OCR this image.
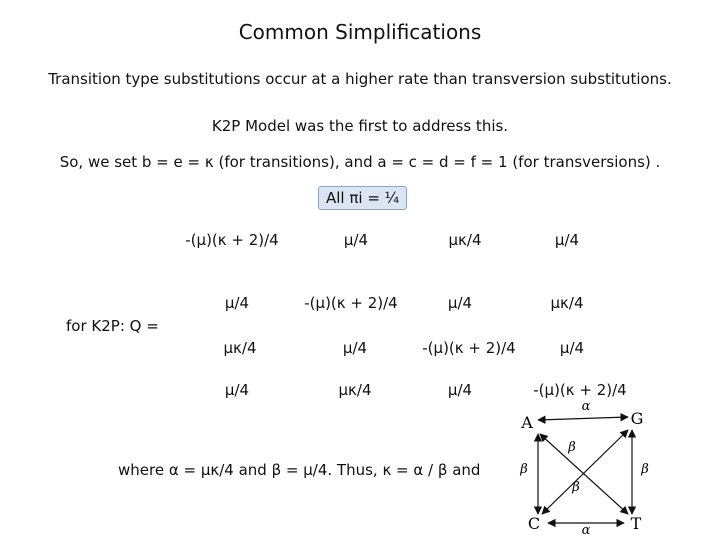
Common Simplifications
Transition type substitutions occur at a higher rate than transversion substitutions.
K2P Model was the first to address this.
So, we set b = e = κ (for transitions), and a = c = d = f = 1 (for transversions) .
All πi = ¼
for K2P: Q =
-(μ)(κ + 2)/4	μ/4	μκ/4	μ/4
μ/4	-(μ)(κ + 2)/4	μ/4	μκ/4
μκ/4	μ/4	-(μ)(κ + 2)/4	μ/4
μ/4	μκ/4	μ/4	-(μ)(κ + 2)/4
where α = μκ/4 and β = μ/4. Thus, κ = α / β and
A	G
C	T
α
β
β
β
β
α
